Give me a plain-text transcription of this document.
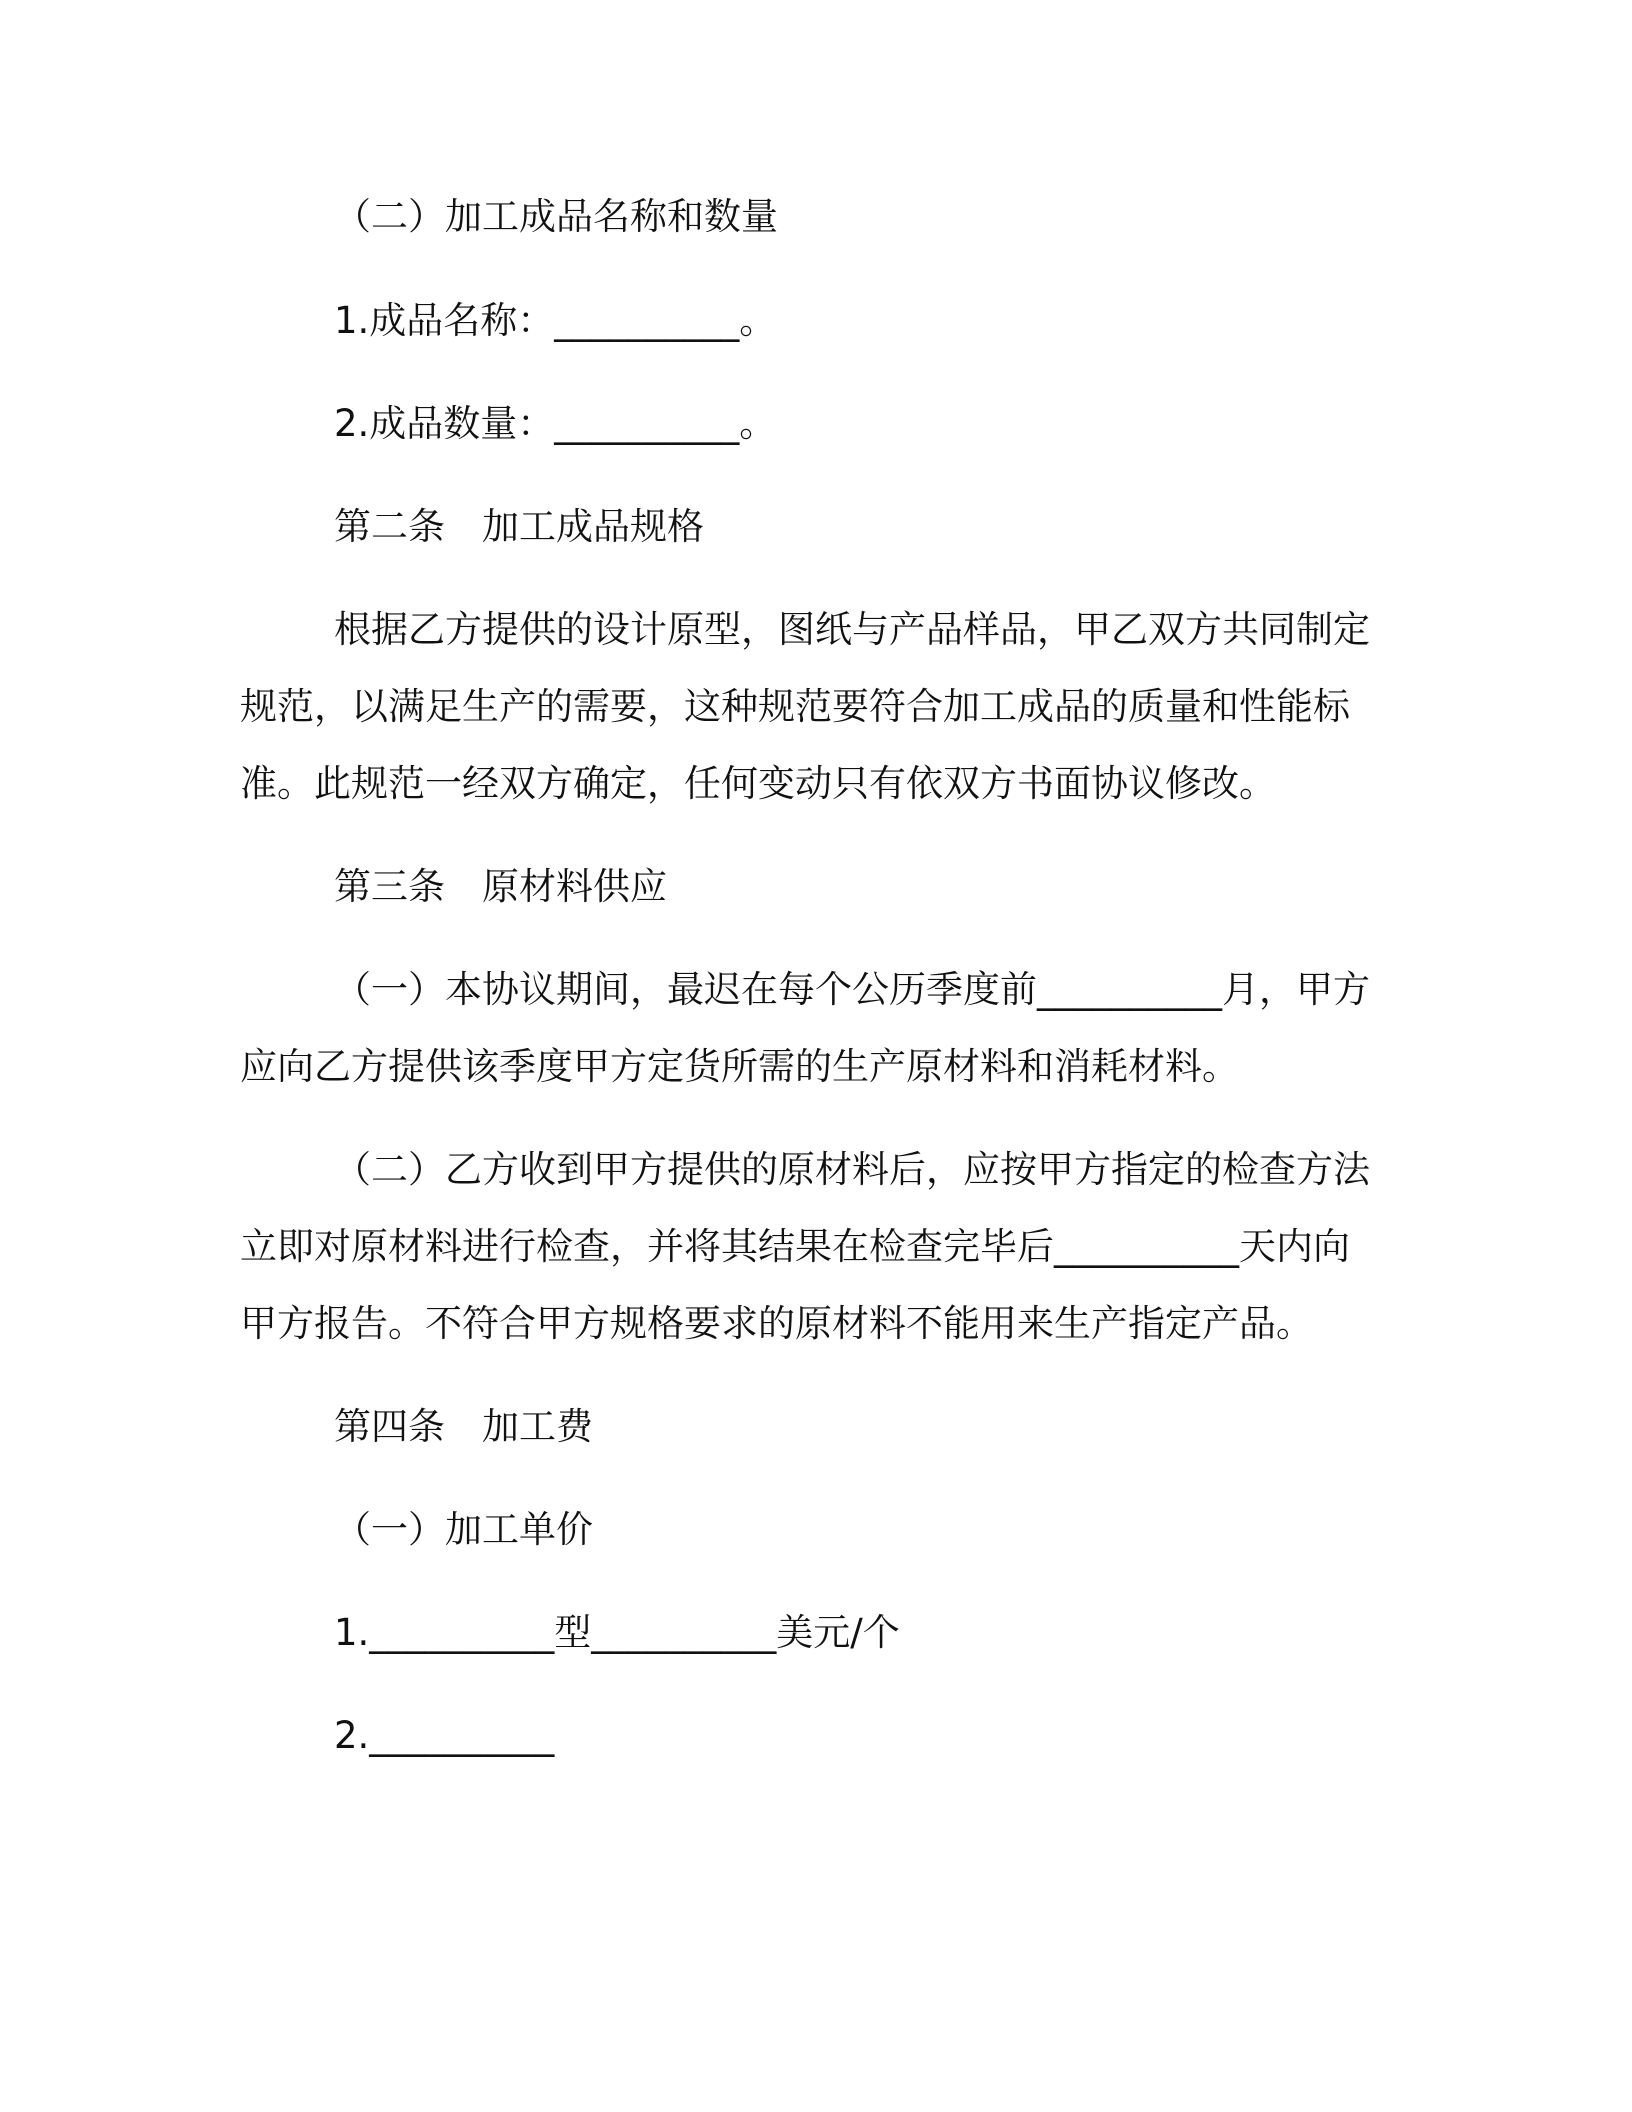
（二）加工成品名称和数量

1.成品名称：__________。

2.成品数量：__________。

第二条　加工成品规格

根据乙方提供的设计原型，图纸与产品样品，甲乙双方共同制定

规范，以满足生产的需要，这种规范要符合加工成品的质量和性能标

准。此规范一经双方确定，任何变动只有依双方书面协议修改。

第三条　原材料供应

（一）本协议期间，最迟在每个公历季度前__________月，甲方

应向乙方提供该季度甲方定货所需的生产原材料和消耗材料。

（二）乙方收到甲方提供的原材料后，应按甲方指定的检查方法

立即对原材料进行检查，并将其结果在检查完毕后__________天内向

甲方报告。不符合甲方规格要求的原材料不能用来生产指定产品。

第四条　加工费

（一）加工单价

1.__________型__________美元/个

2.__________
